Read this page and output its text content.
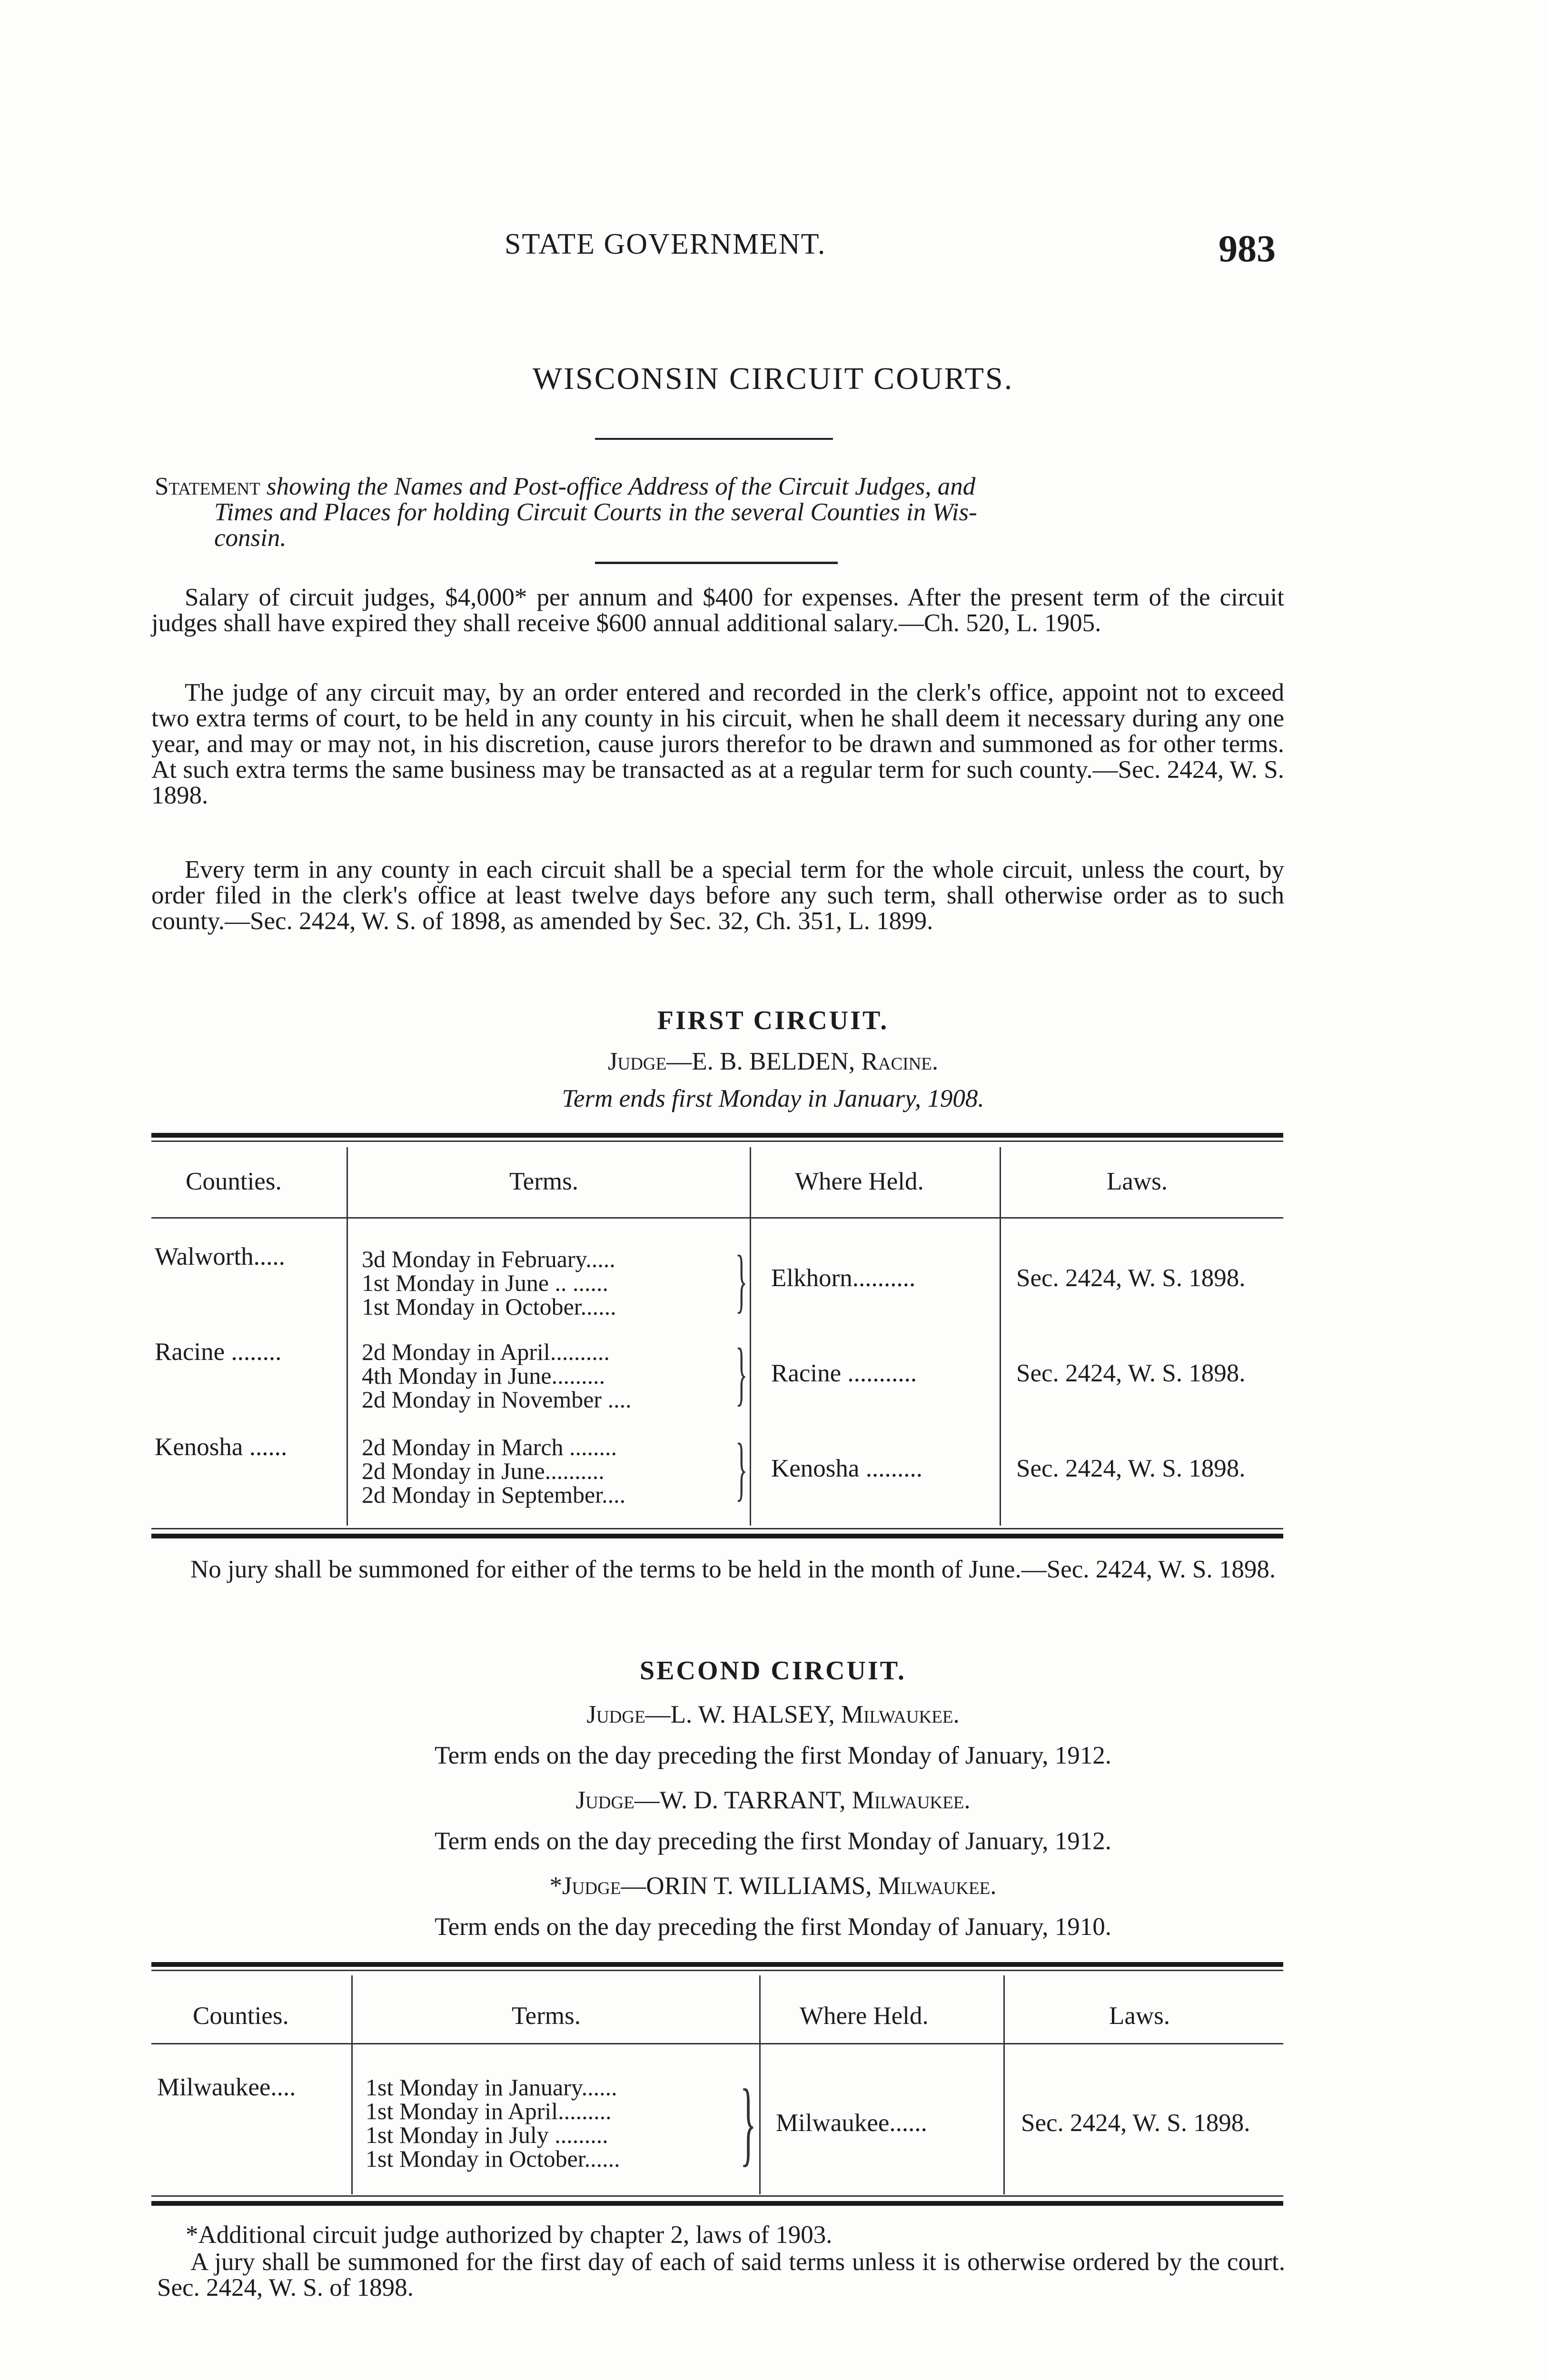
STATE GOVERNMENT.	983
WISCONSIN CIRCUIT COURTS.
Statement showing the Names and Post-office Address of the Circuit Judges, and
Times and Places for holding Circuit Courts in the several Counties in Wis-
consin.

Salary of circuit judges, $4,000* per annum and $400 for expenses. After the present term of the circuit judges shall have expired they shall receive $600 annual additional salary.—Ch. 520, L. 1905.

The judge of any circuit may, by an order entered and recorded in the clerk's office, appoint not to exceed two extra terms of court, to be held in any county in his circuit, when he shall deem it necessary during any one year, and may or may not, in his discretion, cause jurors therefor to be drawn and summoned as for other terms. At such extra terms the same business may be transacted as at a regular term for such county.—Sec. 2424, W. S. 1898.

Every term in any county in each circuit shall be a special term for the whole circuit, unless the court, by order filed in the clerk's office at least twelve days before any such term, shall otherwise order as to such county.—Sec. 2424, W. S. of 1898, as amended by Sec. 32, Ch. 351, L. 1899.

FIRST CIRCUIT.
Judge—E. B. BELDEN, Racine.
Term ends first Monday in January, 1908.
Counties.	Terms.	Where Held.	Laws.
Walworth.....	3d Monday in February.....
1st Monday in June .. ......
1st Monday in October...... } Elkhorn..........	Sec. 2424, W. S. 1898.
Racine ........	2d Monday in April..........
4th Monday in June.........
2d Monday in November .... } Racine ...........	Sec. 2424, W. S. 1898.
Kenosha ......	2d Monday in March ........
2d Monday in June..........
2d Monday in September.... } Kenosha .........	Sec. 2424, W. S. 1898.

No jury shall be summoned for either of the terms to be held in the month of June.—Sec. 2424, W. S. 1898.

SECOND CIRCUIT.
Judge—L. W. HALSEY, Milwaukee.
Term ends on the day preceding the first Monday of January, 1912.
Judge—W. D. TARRANT, Milwaukee.
Term ends on the day preceding the first Monday of January, 1912.
*Judge—ORIN T. WILLIAMS, Milwaukee.
Term ends on the day preceding the first Monday of January, 1910.
Counties.	Terms.	Where Held.	Laws.
Milwaukee....	1st Monday in January......
1st Monday in April.........
1st Monday in July .........
1st Monday in October...... } Milwaukee......	Sec. 2424, W. S. 1898.
*Additional circuit judge authorized by chapter 2, laws of 1903.

A jury shall be summoned for the first day of each of said terms unless it is otherwise ordered by the court. Sec. 2424, W. S. of 1898.
